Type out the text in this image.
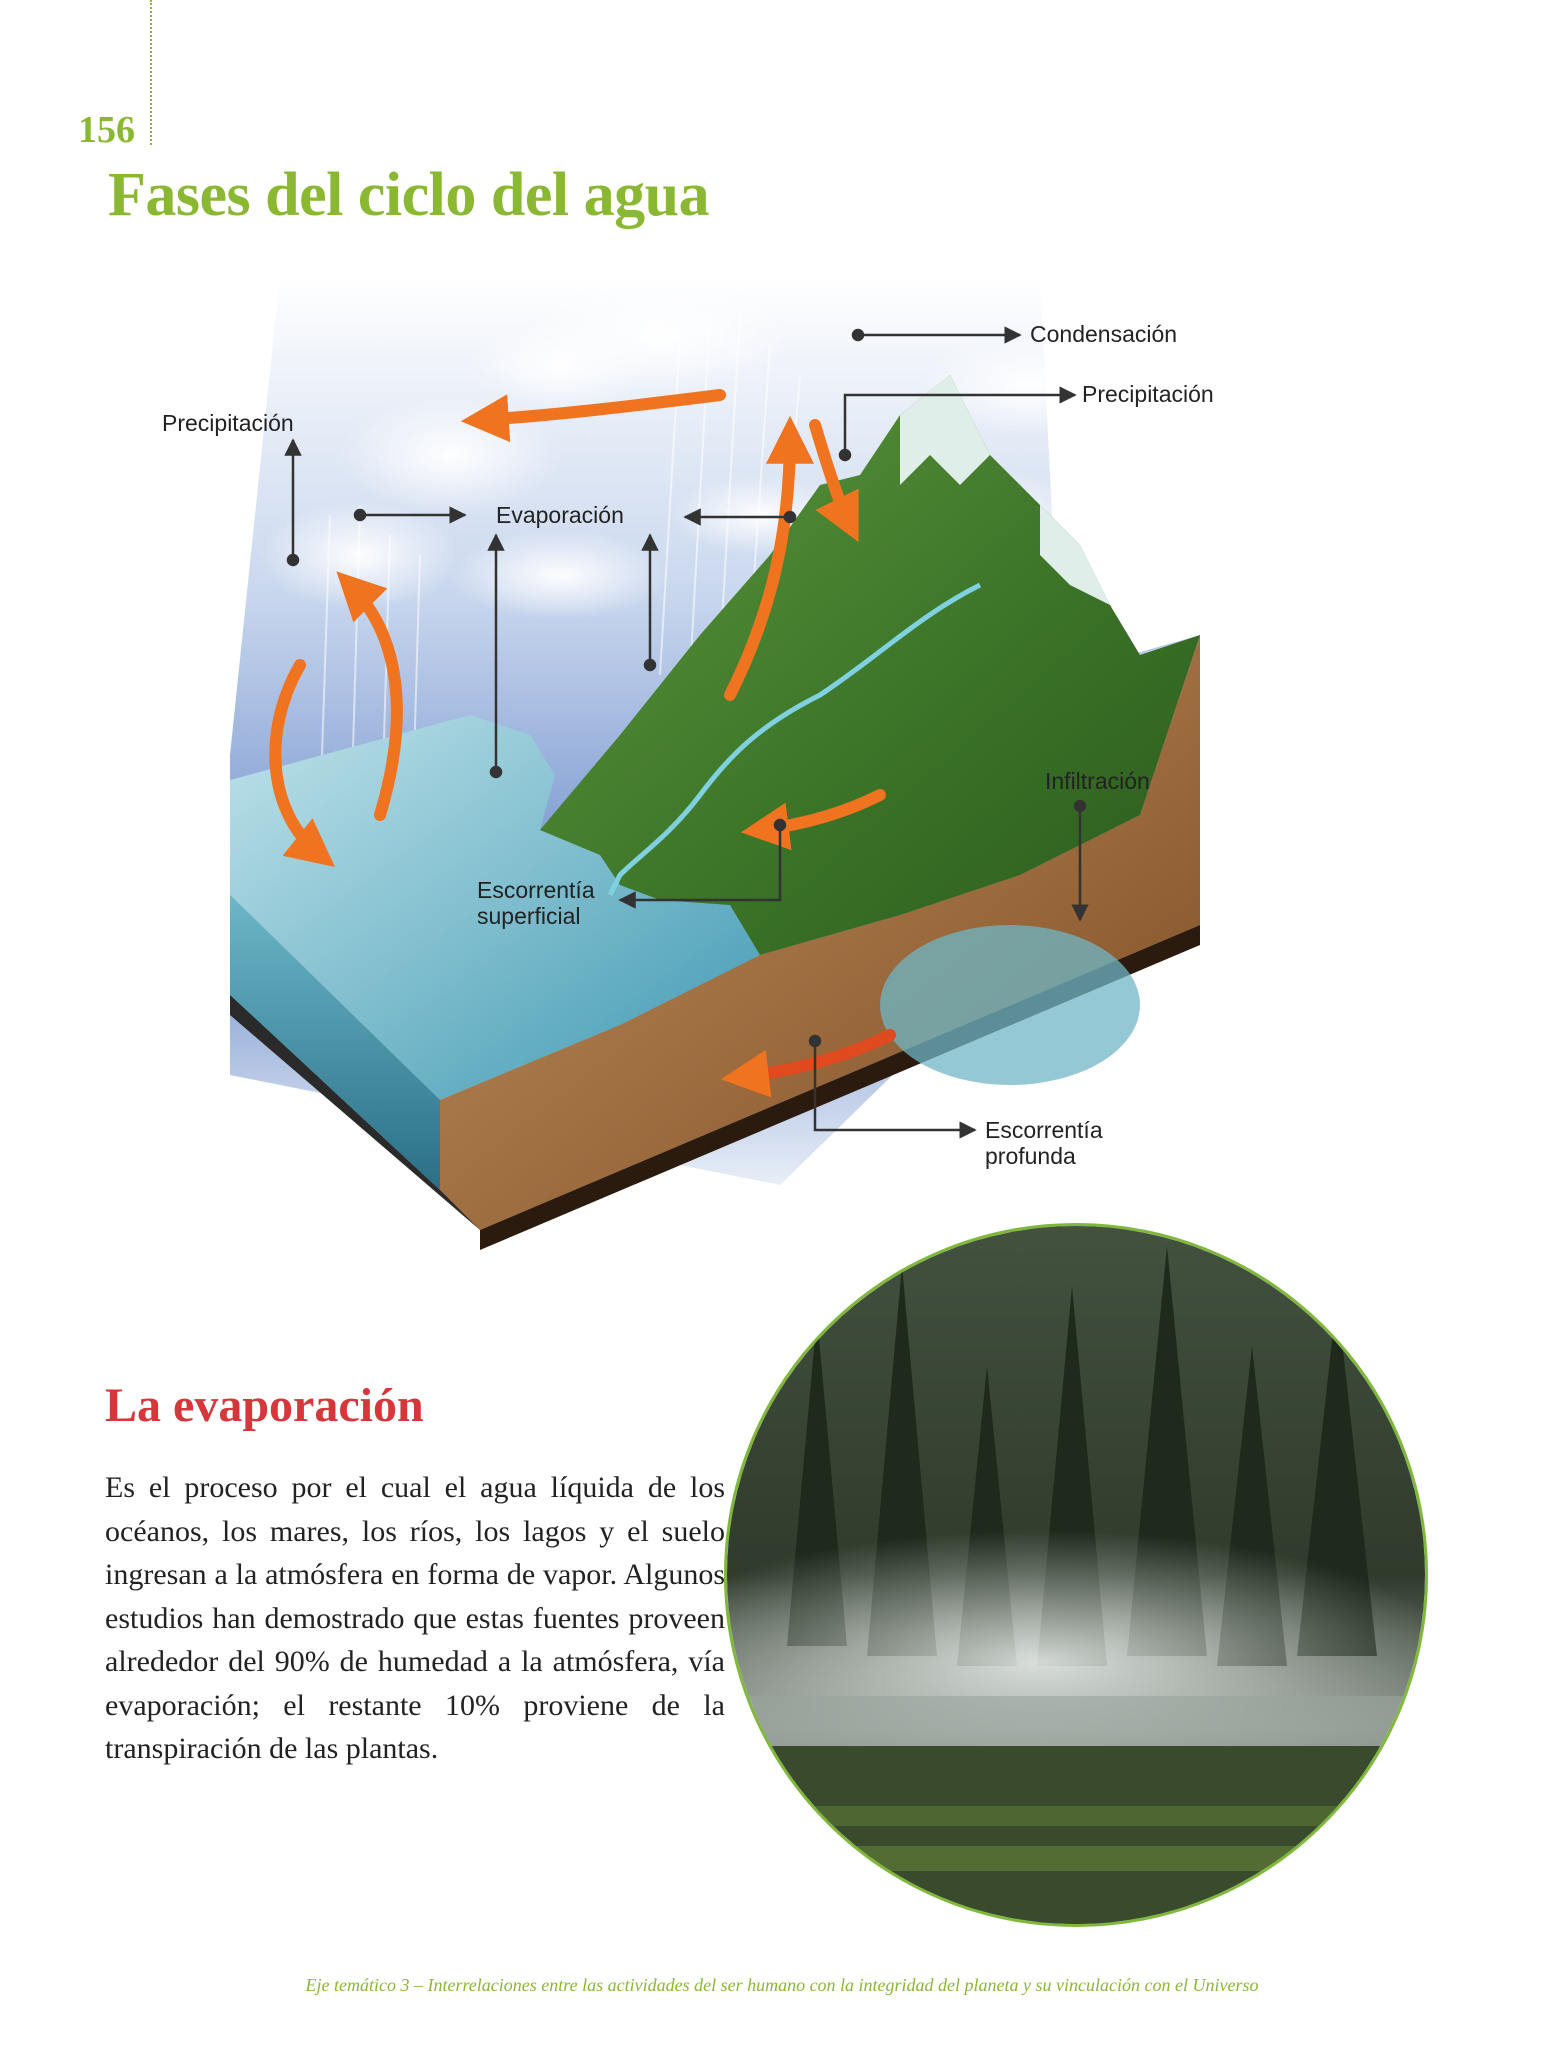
156
Fases del ciclo del agua
Condensación
Precipitación
Precipitación
Evaporación
Infiltración
Escorrentía
superficial
Escorrentía
profunda
La evaporación

Es el proceso por el cual el agua líquida de los océanos, los mares, los ríos, los lagos y el suelo ingresan a la atmósfera en forma de vapor. Algunos estudios han demostrado que estas fuentes proveen alrededor del 90% de humedad a la atmósfera, vía evaporación; el restante 10% proviene de la transpiración de las plantas.

Eje temático 3 – Interrelaciones entre las actividades del ser humano con la integridad del planeta y su vinculación con el Universo
